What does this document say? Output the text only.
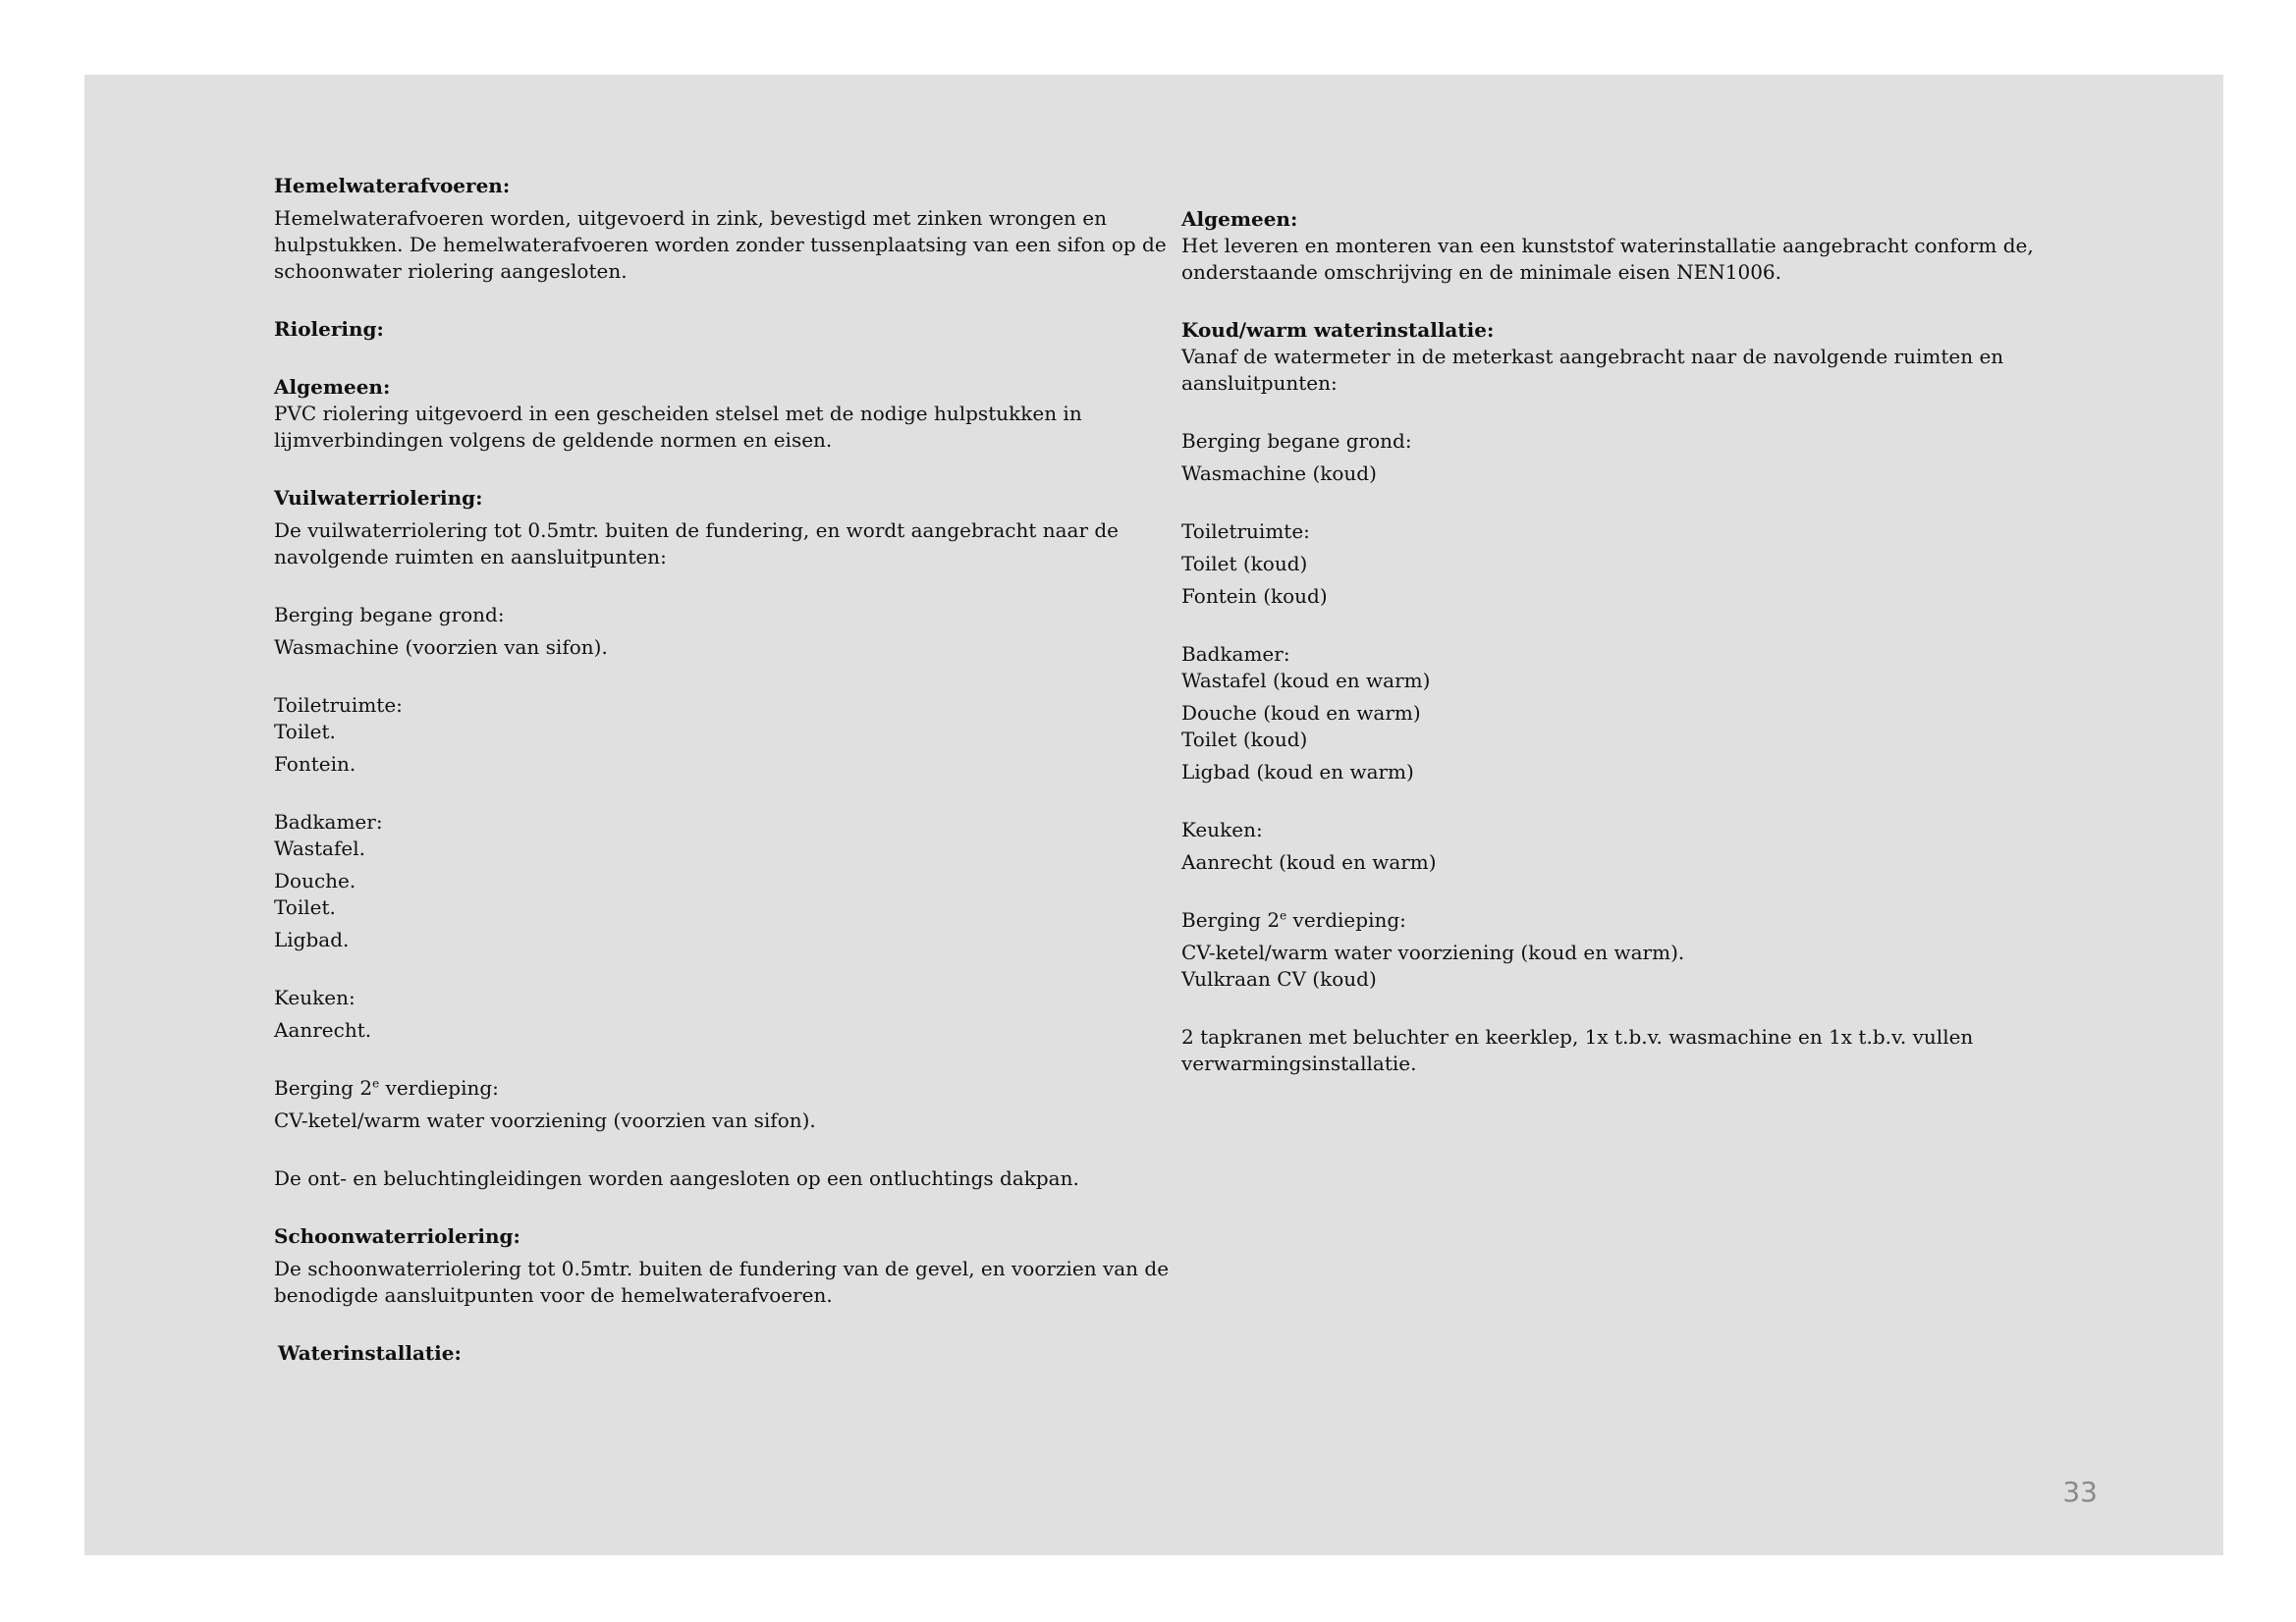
Hemelwaterafvoeren:

Hemelwaterafvoeren worden, uitgevoerd in zink, bevestigd met zinken wrongen en

hulpstukken. De hemelwaterafvoeren worden zonder tussenplaatsing van een sifon op de

schoonwater riolering aangesloten.

Riolering:

Algemeen:

PVC riolering uitgevoerd in een gescheiden stelsel met de nodige hulpstukken in

lijmverbindingen volgens de geldende normen en eisen.

Vuilwaterriolering:

De vuilwaterriolering tot 0.5mtr. buiten de fundering, en wordt aangebracht naar de

navolgende ruimten en aansluitpunten:

Berging begane grond:

Wasmachine (voorzien van sifon).

Toiletruimte:

Toilet.

Fontein.

Badkamer:

Wastafel.

Douche.

Toilet.

Ligbad.

Keuken:

Aanrecht.

Berging 2e verdieping:

CV-ketel/warm water voorziening (voorzien van sifon).

De ont- en beluchtingleidingen worden aangesloten op een ontluchtings dakpan.

Schoonwaterriolering:

De schoonwaterriolering tot 0.5mtr. buiten de fundering van de gevel, en voorzien van de

benodigde aansluitpunten voor de hemelwaterafvoeren.

Waterinstallatie:

Algemeen:

Het leveren en monteren van een kunststof waterinstallatie aangebracht conform de,

onderstaande omschrijving en de minimale eisen NEN1006.

Koud/warm waterinstallatie:

Vanaf de watermeter in de meterkast aangebracht naar de navolgende ruimten en

aansluitpunten:

Berging begane grond:

Wasmachine (koud)

Toiletruimte:

Toilet (koud)

Fontein (koud)

Badkamer:

Wastafel (koud en warm)

Douche (koud en warm)

Toilet (koud)

Ligbad (koud en warm)

Keuken:

Aanrecht (koud en warm)

Berging 2e verdieping:

CV-ketel/warm water voorziening (koud en warm).

Vulkraan CV (koud)

2 tapkranen met beluchter en keerklep, 1x t.b.v. wasmachine en 1x t.b.v. vullen

verwarmingsinstallatie.

33
